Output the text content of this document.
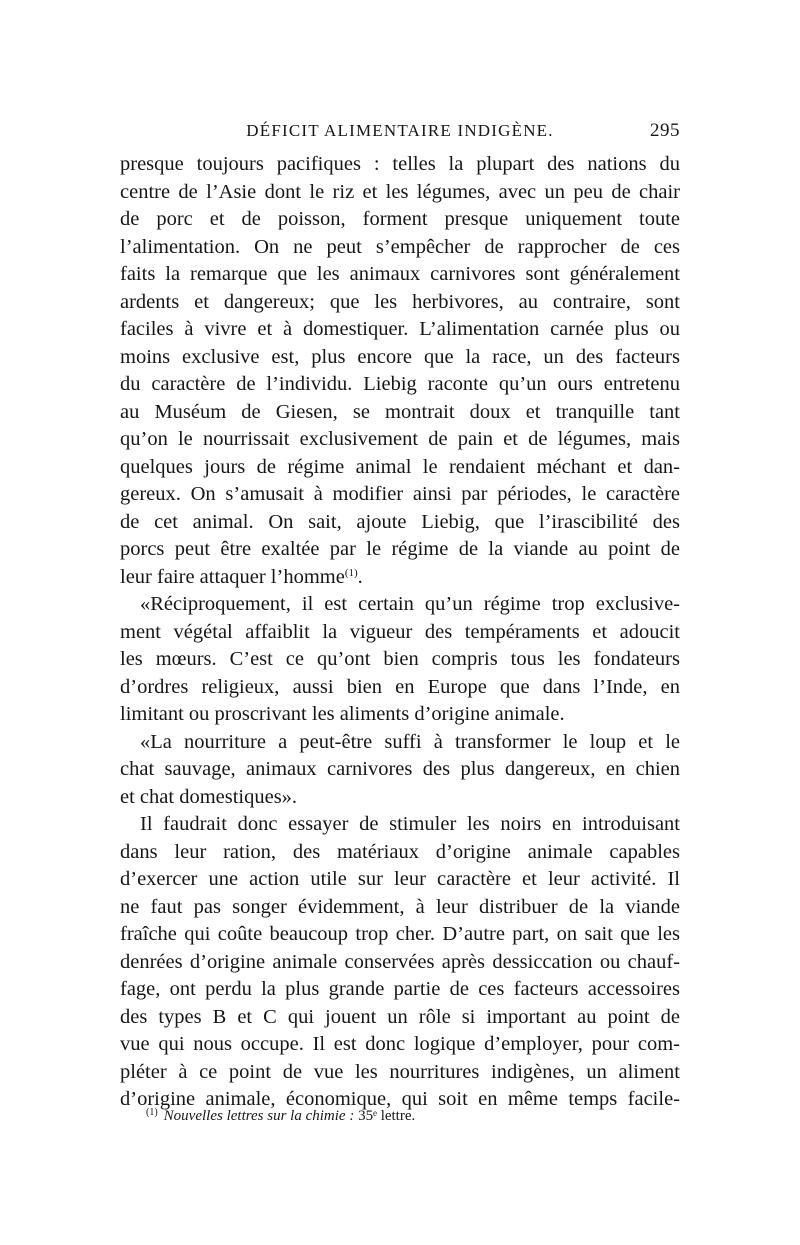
DÉFICIT ALIMENTAIRE INDIGÈNE.	295
presque toujours pacifiques : telles la plupart des nations du
centre de l’Asie dont le riz et les légumes, avec un peu de chair
de porc et de poisson, forment presque uniquement toute
l’alimentation. On ne peut s’empêcher de rapprocher de ces
faits la remarque que les animaux carnivores sont généralement
ardents et dangereux; que les herbivores, au contraire, sont
faciles à vivre et à domestiquer. L’alimentation carnée plus ou
moins exclusive est, plus encore que la race, un des facteurs
du caractère de l’individu. Liebig raconte qu’un ours entretenu
au Muséum de Giesen, se montrait doux et tranquille tant
qu’on le nourrissait exclusivement de pain et de légumes, mais
quelques jours de régime animal le rendaient méchant et dan-
gereux. On s’amusait à modifier ainsi par périodes, le caractère
de cet animal. On sait, ajoute Liebig, que l’irascibilité des
porcs peut être exaltée par le régime de la viande au point de
leur faire attaquer l’homme$^{(1)}$.
«Réciproquement, il est certain qu’un régime trop exclusive-
ment végétal affaiblit la vigueur des tempéraments et adoucit
les mœurs. C’est ce qu’ont bien compris tous les fondateurs
d’ordres religieux, aussi bien en Europe que dans l’Inde, en
limitant ou proscrivant les aliments d’origine animale.
«La nourriture a peut-être suffi à transformer le loup et le
chat sauvage, animaux carnivores des plus dangereux, en chien
et chat domestiques».
Il faudrait donc essayer de stimuler les noirs en introduisant
dans leur ration, des matériaux d’origine animale capables
d’exercer une action utile sur leur caractère et leur activité. Il
ne faut pas songer évidemment, à leur distribuer de la viande
fraîche qui coûte beaucoup trop cher. D’autre part, on sait que les
denrées d’origine animale conservées après dessiccation ou chauf-
fage, ont perdu la plus grande partie de ces facteurs accessoires
des types B et C qui jouent un rôle si important au point de
vue qui nous occupe. Il est donc logique d’employer, pour com-
pléter à ce point de vue les nourritures indigènes, un aliment
d’origine animale, économique, qui soit en même temps facile-
$^{(1)}$ Nouvelles lettres sur la chimie : 35ᵉ lettre.
